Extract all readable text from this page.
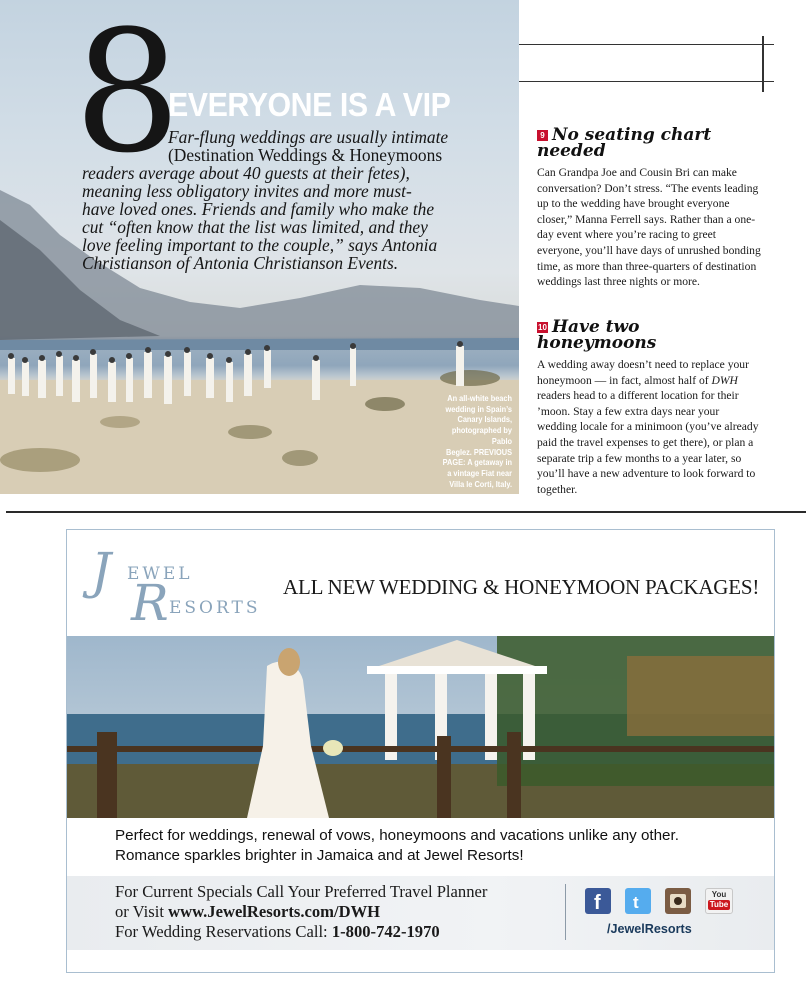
8
EVERYONE IS A VIP
Far-flung weddings are usually intimate
(Destination Weddings & Honeymoons
readers average about 40 guests at their fetes),
meaning less obligatory invites and more must-
have loved ones. Friends and family who make the
cut “often know that the list was limited, and they
love feeling important to the couple,” says Antonia
Christianson of Antonia Christianson Events.
An all-white beach
wedding in Spain’s
Canary Islands,
photographed by Pablo
Beglez. PREVIOUS
PAGE: A getaway in
a vintage Fiat near
Villa le Corti, Italy.

9 No seating chart needed

Can Grandpa Joe and Cousin Bri can make conversation? Don’t stress. “The events leading up to the wedding have brought everyone closer,” Manna Ferrell says. Rather than a one-day event where you’re racing to greet everyone, you’ll have days of unrushed bonding time, as more than three-quarters of destination weddings last three nights or more.

10 Have two honeymoons

A wedding away doesn’t need to replace your honeymoon — in fact, almost half of DWH readers head to a different location for their ’moon. Stay a few extra days near your wedding locale for a minimoon (you’ve already paid the travel expenses to get there), or plan a separate trip a few months to a year later, so you’ll have a new adventure to look forward to together.

J EWEL
R ESORTS
ALL NEW WEDDING & HONEYMOON PACKAGES!
Perfect for weddings, renewal of vows, honeymoons and vacations unlike any other.
Romance sparkles brighter in Jamaica and at Jewel Resorts!
For Current Specials Call Your Preferred Travel Planner
or Visit www.JewelResorts.com/DWH
For Wedding Reservations Call: 1-800-742-1970
f t	You
Tube
/JewelResorts
